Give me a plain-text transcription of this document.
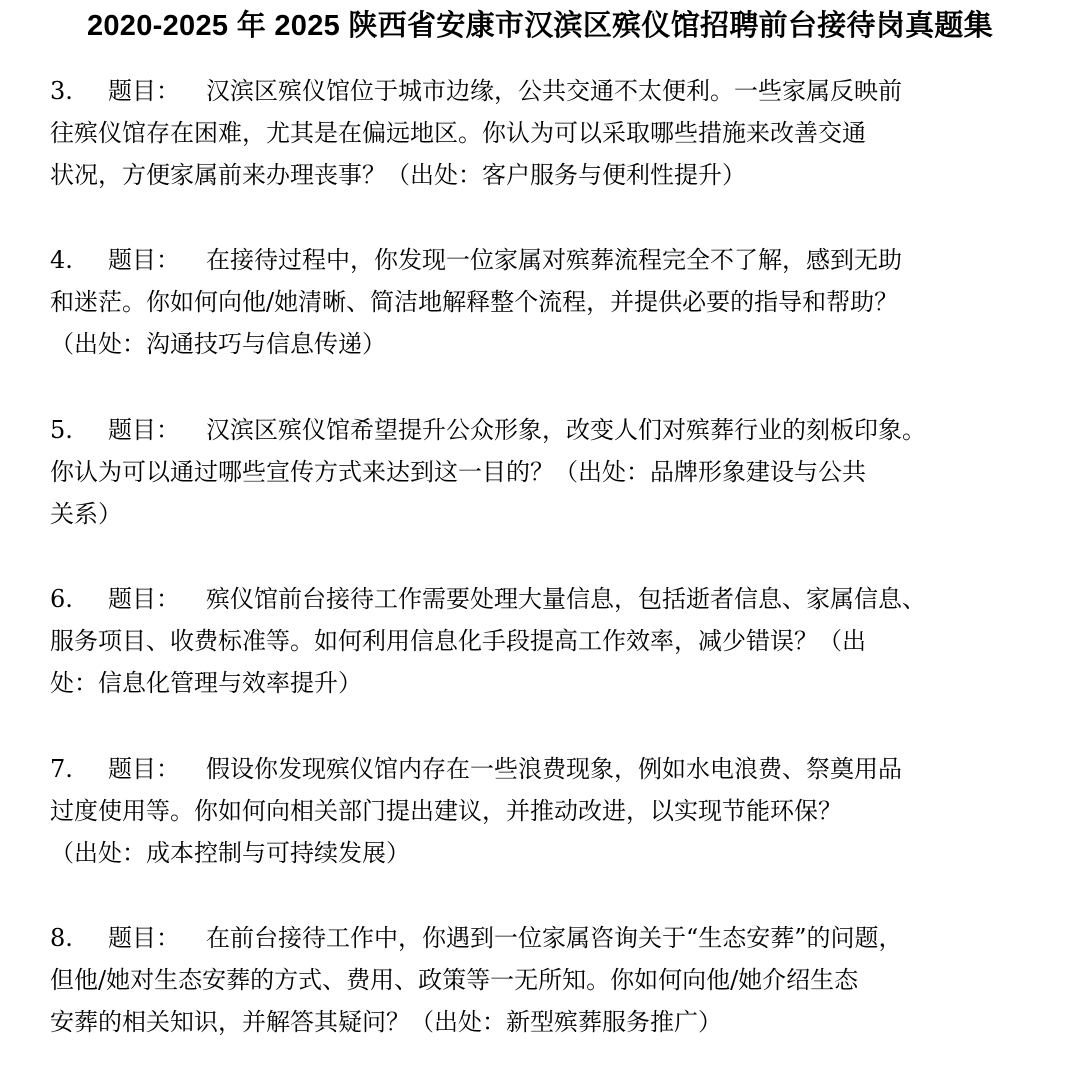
2020-2025 年 2025 陕西省安康市汉滨区殡仪馆招聘前台接待岗真题集
3. 题目： 汉滨区殡仪馆位于城市边缘，公共交通不太便利。一些家属反映前
往殡仪馆存在困难，尤其是在偏远地区。你认为可以采取哪些措施来改善交通
状况，方便家属前来办理丧事？（出处：客户服务与便利性提升）
4. 题目： 在接待过程中，你发现一位家属对殡葬流程完全不了解，感到无助
和迷茫。你如何向他/她清晰、简洁地解释整个流程，并提供必要的指导和帮助？
（出处：沟通技巧与信息传递）
5. 题目： 汉滨区殡仪馆希望提升公众形象，改变人们对殡葬行业的刻板印象。
你认为可以通过哪些宣传方式来达到这一目的？（出处：品牌形象建设与公共
关系）
6. 题目： 殡仪馆前台接待工作需要处理大量信息，包括逝者信息、家属信息、
服务项目、收费标准等。如何利用信息化手段提高工作效率，减少错误？（出
处：信息化管理与效率提升）
7. 题目： 假设你发现殡仪馆内存在一些浪费现象，例如水电浪费、祭奠用品
过度使用等。你如何向相关部门提出建议，并推动改进，以实现节能环保？
（出处：成本控制与可持续发展）
8. 题目： 在前台接待工作中，你遇到一位家属咨询关于“生态安葬”的问题，
但他/她对生态安葬的方式、费用、政策等一无所知。你如何向他/她介绍生态
安葬的相关知识，并解答其疑问？（出处：新型殡葬服务推广）
